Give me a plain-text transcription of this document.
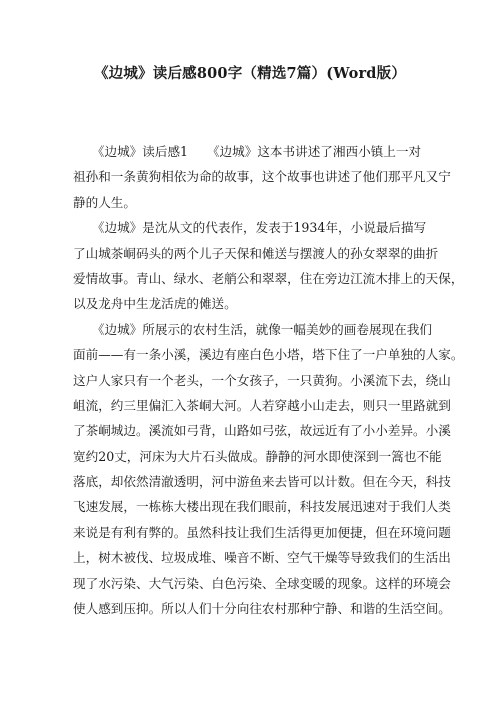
《边城》读后感800字（精选7篇）(Word版）

　　《边城》读后感1　　《边城》这本书讲述了湘西小镇上一对
祖孙和一条黄狗相依为命的故事，这个故事也讲述了他们那平凡又宁
静的人生。

　　《边城》是沈从文的代表作，发表于1934年，小说最后描写
了山城茶峒码头的两个儿子天保和傩送与摆渡人的孙女翠翠的曲折
爱情故事。青山、绿水、老艄公和翠翠，住在旁边江流木排上的天保，
以及龙舟中生龙活虎的傩送。

　　《边城》所展示的农村生活，就像一幅美妙的画卷展现在我们
面前——有一条小溪，溪边有座白色小塔，塔下住了一户单独的人家。
这户人家只有一个老头，一个女孩子，一只黄狗。小溪流下去，绕山
岨流，约三里偏汇入茶峒大河。人若穿越小山走去，则只一里路就到
了茶峒城边。溪流如弓背，山路如弓弦，故远近有了小小差异。小溪
宽约20丈，河床为大片石头做成。静静的河水即使深到一篙也不能
落底，却依然清澈透明，河中游鱼来去皆可以计数。但在今天，科技
飞速发展，一栋栋大楼出现在我们眼前，科技发展迅速对于我们人类
来说是有利有弊的。虽然科技让我们生活得更加便捷，但在环境问题
上，树木被伐、垃圾成堆、噪音不断、空气干燥等导致我们的生活出
现了水污染、大气污染、白色污染、全球变暖的现象。这样的环境会
使人感到压抑。所以人们十分向往农村那种宁静、和谐的生活空间。
